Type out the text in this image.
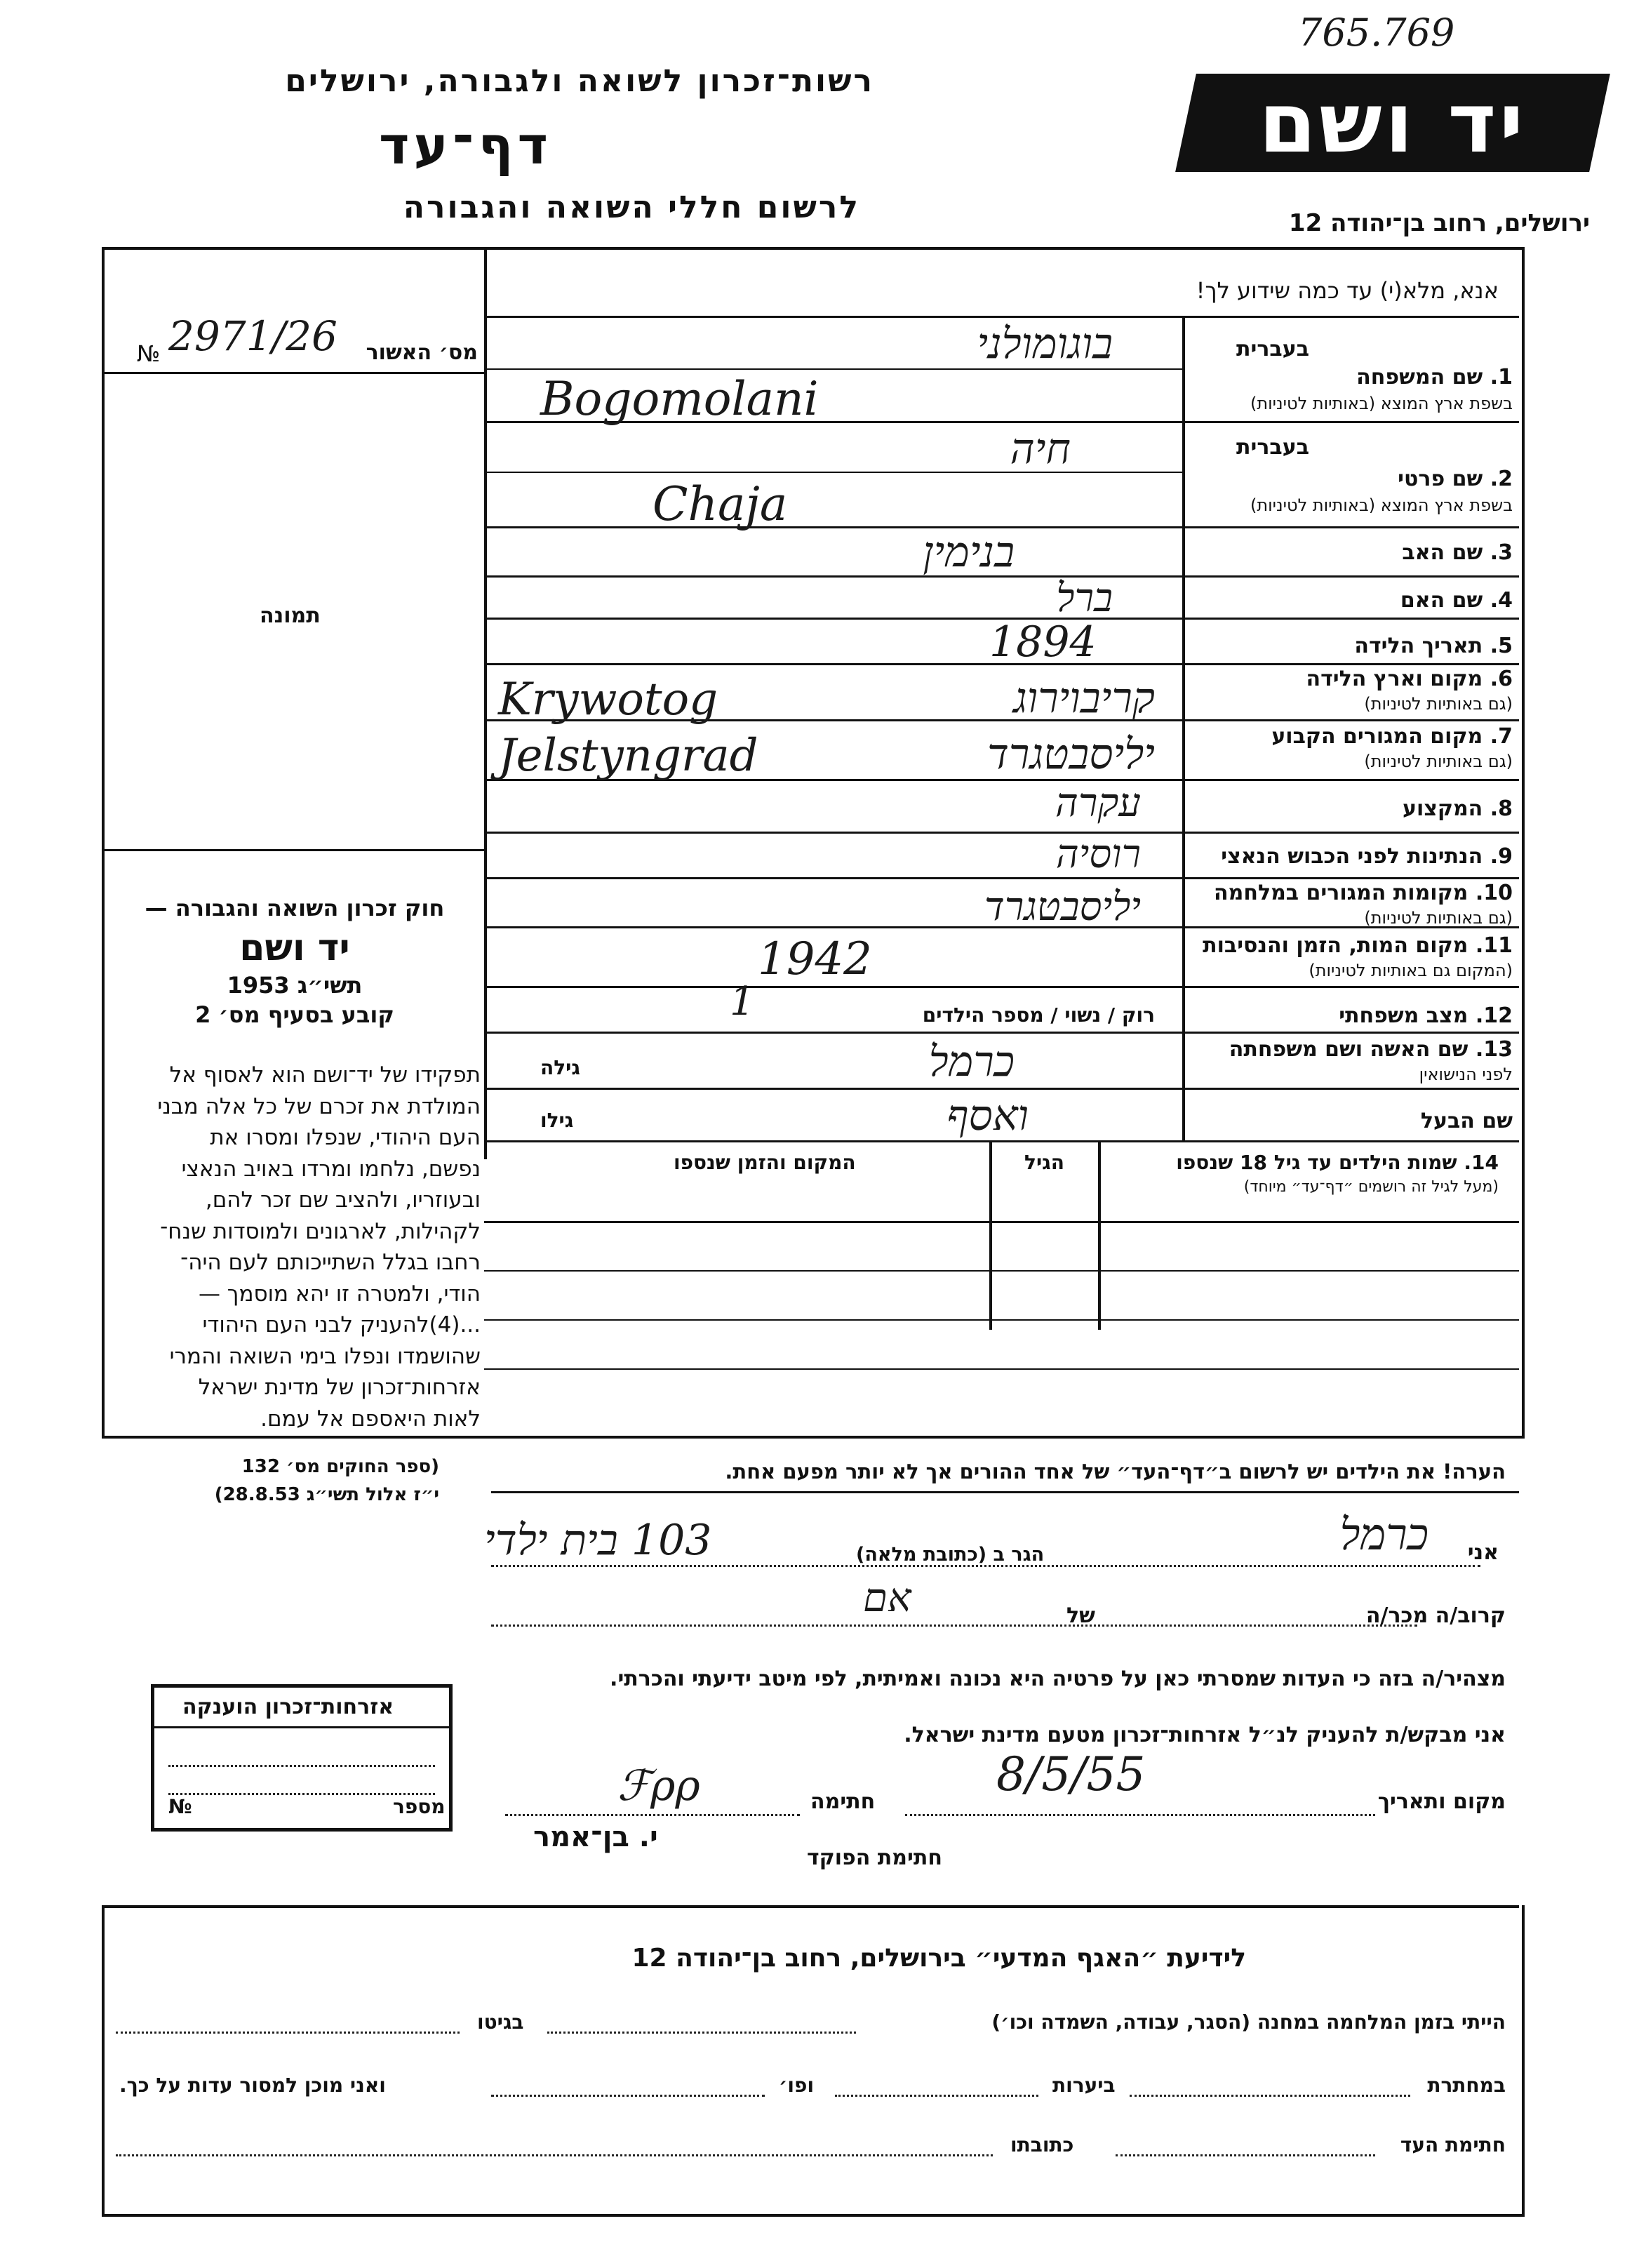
765.769
רשות־זכרון לשואה ולגבורה, ירושלים
דף־עד
לרשום חללי השואה והגבורה
יד ושם
ירושלים, רחוב בן־יהודה 12
אנא, מלא(י) עד כמה שידוע לך!
מס׳ האשור
№ 2971/26
תמונה
חוק זכרון השואה והגבורה —
יד ושם
תשי״ג 1953
קובע בסעיף מס׳ 2
תפקידו של יד־ושם הוא לאסוף אל
המולדת את זכרם של כל אלה מבני
העם היהודי, שנפלו ומסרו את
נפשם, נלחמו ומרדו באויב הנאצי
ובעוזריו, ולהציב שם זכר להם,
לקהילות, לארגונים ולמוסדות שנח־
רחבו בגלל השתייכותם לעם היה־
הודי, ולמטרה זו יהא מוסמך —
...(4)להעניק לבני העם היהודי
שהושמדו ונפלו בימי השואה והמרי
אזרחות־זכרון של מדינת ישראל
לאות היאספם אל עמם.
(ספר החוקים מס׳ 132
י״ז אלול תשי״ג 28.8.53)
1. שם המשפחה
בשפת ארץ המוצא (באותיות לטיניות)
בעברית
בוגומולני
Bogomolani
בעברית
2. שם פרטי
בשפת ארץ המוצא (באותיות לטיניות)
חיה
Chaja
3. שם האב
בנימין
4. שם האם
ברל
5. תאריך הלידה
1894
6. מקום וארץ הלידה
(גם באותיות לטיניות)
Krywotog	קריבוירוג
7. מקום המגורים הקבוע
(גם באותיות לטיניות)
Jelstyngrad	יליסבטגרד
8. המקצוע
עקרה
9. הנתינות לפני הכבוש הנאצי
רוסיה
10. מקומות המגורים במלחמה
(גם באותיות לטיניות)
יליסבטגרד
11. מקום המות, הזמן והנסיבות
(המקום גם באותיות לטיניות)
1942
12. מצב משפחתי
רוק / נשוי / מספר הילדים
1
13. שם האשה ושם משפחתה
לפני הנישואין
גילה	כרמל
שם הבעל
גילו	ואסף
14. שמות הילדים עד גיל 18 שנספו
(מעל לגיל זה רושמים ״דף־עד״ מיוחד)
הגיל
המקום והזמן שנספו
הערה! את הילדים יש לרשום ב״דף־העד״ של אחד ההורים אך לא יותר מפעם אחת.
אני
כרמל
הגר ב (כתובת מלאה)
103 בית ילדי
קרוב/ה מכר/ה
של
אם
מצהיר/ה בזה כי העדות שמסרתי כאן על פרטיה היא נכונה ואמיתית, לפי מיטב ידיעתי והכרתי.
אני מבקש/ת להעניק לנ״ל אזרחות־זכרון מטעם מדינת ישראל.
מקום ותאריך
8/5/55
חתימה
ℱρρ
י. בן־אמר
חתימת הפוקד
אזרחות־זכרון הוענקה
№	מספר
לידיעת ״האגף המדעי״ בירושלים, רחוב בן־יהודה 12
הייתי בזמן המלחמה במחנה (הסגר, עבודה, השמדה וכו׳)
בגיטו
במחתרת
ביערות
ופו׳
ואני מוכן למסור עדות על כך.
חתימת העד
כתובתו
